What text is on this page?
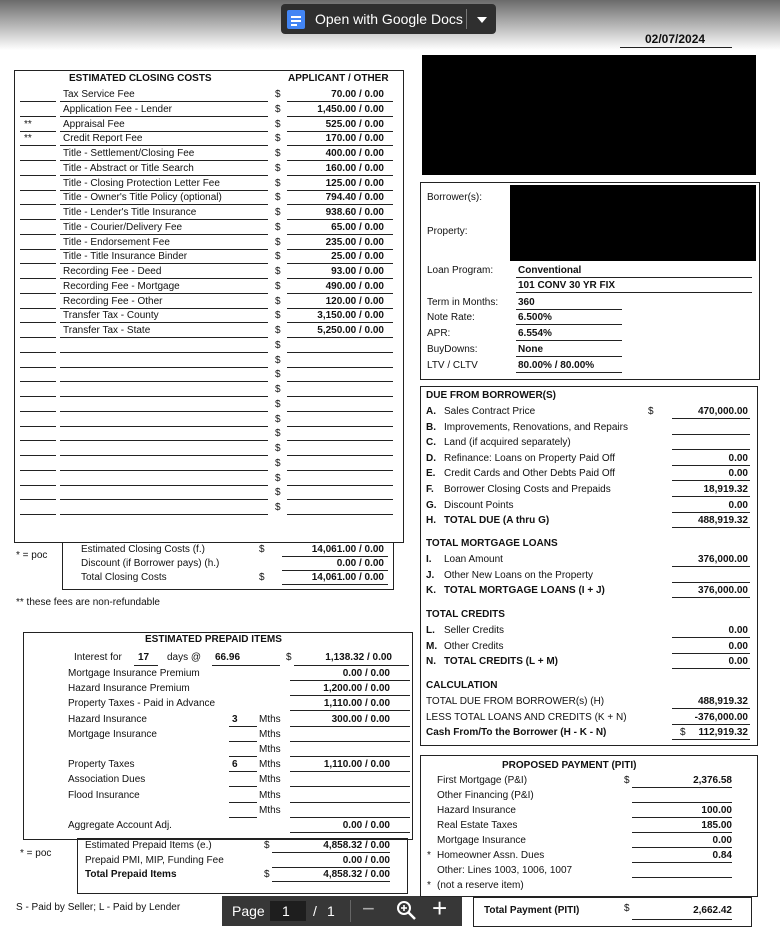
Open with Google Docs
02/07/2024
ESTIMATED CLOSING COSTS	APPLICANT / OTHER
Tax Service Fee	$	70.00 / 0.00
Application Fee - Lender	$	1,450.00 / 0.00
**	Appraisal Fee	$	525.00 / 0.00
**	Credit Report Fee	$	170.00 / 0.00
Title - Settlement/Closing Fee	$	400.00 / 0.00
Title - Abstract or Title Search	$	160.00 / 0.00
Title - Closing Protection Letter Fee	$	125.00 / 0.00
Title - Owner's Title Policy (optional)	$	794.40 / 0.00
Title - Lender's Title Insurance	$	938.60 / 0.00
Title - Courier/Delivery Fee	$	65.00 / 0.00
Title - Endorsement Fee	$	235.00 / 0.00
Title - Title Insurance Binder	$	25.00 / 0.00
Recording Fee - Deed	$	93.00 / 0.00
Recording Fee - Mortgage	$	490.00 / 0.00
Recording Fee - Other	$	120.00 / 0.00
Transfer Tax - County	$	3,150.00 / 0.00
Transfer Tax - State	$	5,250.00 / 0.00
$
$
$
$
$
$
$
$
$
$
$
$
Estimated Closing Costs (f.)	$	14,061.00 / 0.00
Discount (if Borrower pays) (h.)	0.00 / 0.00
Total Closing Costs	$	14,061.00 / 0.00
* = poc
** these fees are non-refundable
ESTIMATED PREPAID ITEMS
Interest for 17 days @ 66.96	$	1,138.32 / 0.00
Mortgage Insurance Premium	0.00 / 0.00
Hazard Insurance Premium	1,200.00 / 0.00
Property Taxes - Paid in Advance	1,110.00 / 0.00
Hazard Insurance	3 Mths	300.00 / 0.00
Mortgage Insurance	Mths
Mths
Property Taxes	6 Mths	1,110.00 / 0.00
Association Dues	Mths
Flood Insurance	Mths
Mths
Aggregate Account Adj.	0.00 / 0.00
Estimated Prepaid Items (e.)	$	4,858.32 / 0.00
Prepaid PMI, MIP, Funding Fee	0.00 / 0.00
Total Prepaid Items	$	4,858.32 / 0.00
* = poc
S - Paid by Seller; L - Paid by Lender
Borrower(s):
Property:
Loan Program: Conventional
101 CONV 30 YR FIX
Term in Months: 360
Note Rate:	6.500%
APR:	6.554%
BuyDowns:	None
LTV / CLTV	80.00% / 80.00%
DUE FROM BORROWER(S)
A. Sales Contract Price	$	470,000.00
B. Improvements, Renovations, and Repairs
C. Land (if acquired separately)
D. Refinance: Loans on Property Paid Off	0.00
E. Credit Cards and Other Debts Paid Off	0.00
F. Borrower Closing Costs and Prepaids	18,919.32
G. Discount Points	0.00
H. TOTAL DUE (A thru G)	488,919.32
TOTAL MORTGAGE LOANS
I. Loan Amount	376,000.00
J. Other New Loans on the Property
K. TOTAL MORTGAGE LOANS (I + J)	376,000.00
TOTAL CREDITS
L. Seller Credits	0.00
M. Other Credits	0.00
N. TOTAL CREDITS (L + M)	0.00
CALCULATION
TOTAL DUE FROM BORROWER(s) (H)	488,919.32
LESS TOTAL LOANS AND CREDITS (K + N)	-376,000.00
Cash From/To the Borrower (H - K - N)	$	112,919.32
PROPOSED PAYMENT (PITI)
First Mortgage (P&I)	$	2,376.58
Other Financing (P&I)
Hazard Insurance	100.00
Real Estate Taxes	185.00
Mortgage Insurance	0.00
* Homeowner Assn. Dues	0.84
Other: Lines 1003, 1006, 1007
* (not a reserve item)
Total Payment (PITI)	$	2,662.42
Page 1 / 1 − +
